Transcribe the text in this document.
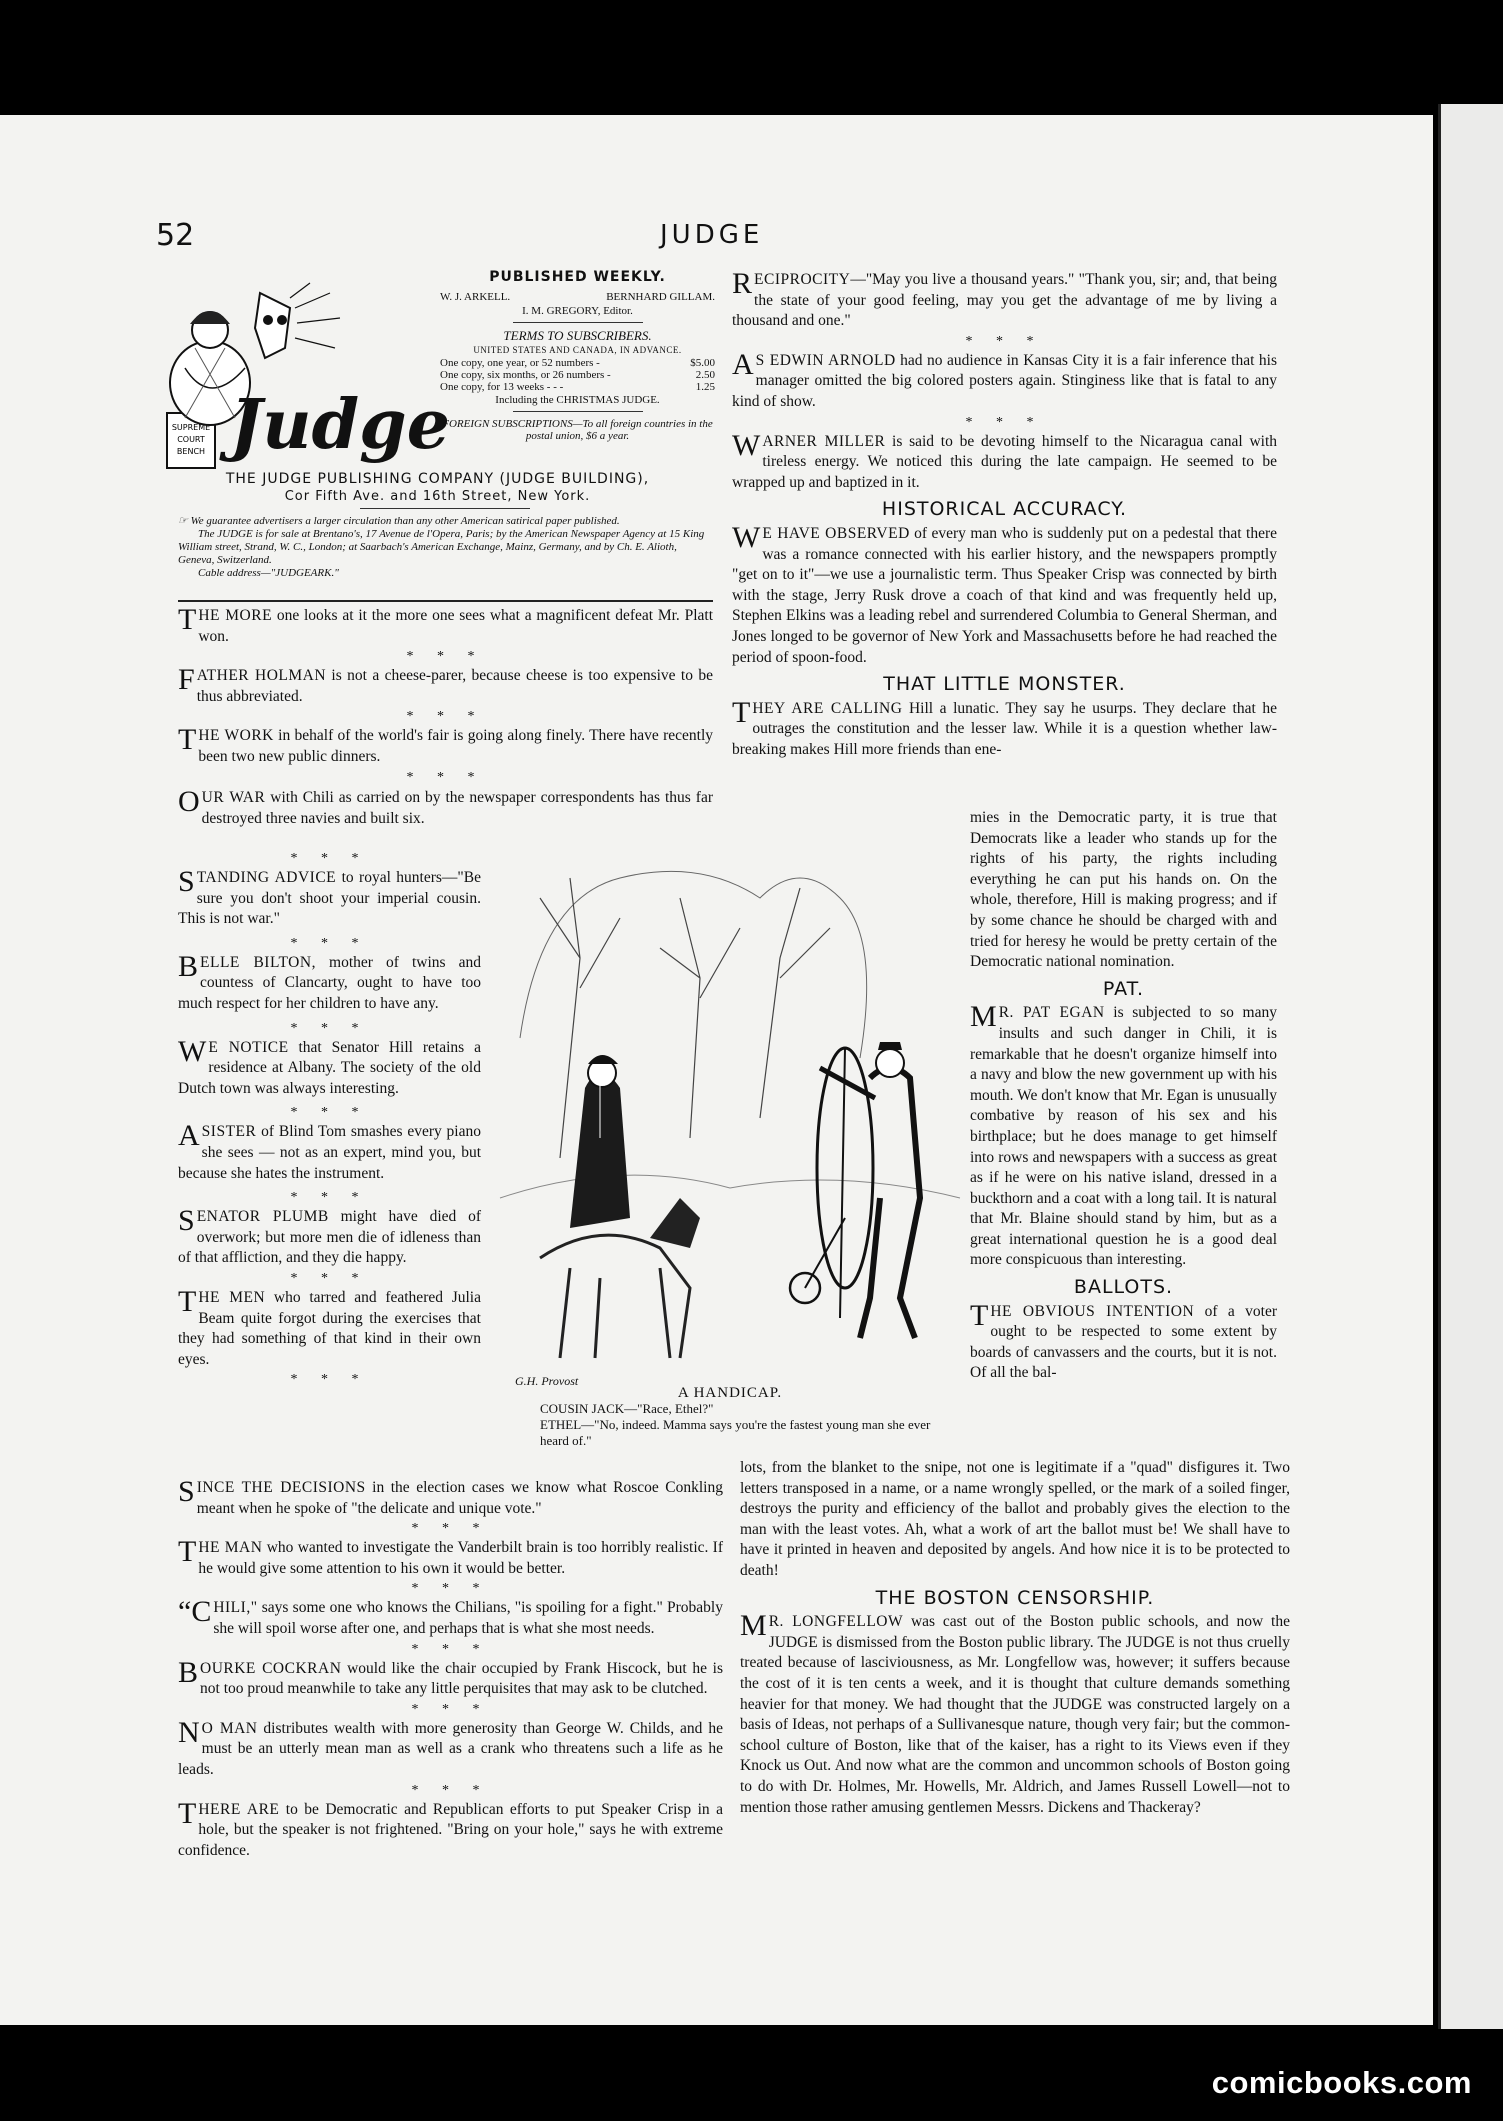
52	JUDGE
SUPREME
COURT
BENCH Judge
PUBLISHED WEEKLY.
W. J. ARKELL.	BERNHARD GILLAM.
I. M. GREGORY, Editor.
TERMS TO SUBSCRIBERS.
UNITED STATES AND CANADA, IN ADVANCE.
One copy, one year, or 52 numbers -	$5.00
One copy, six months, or 26 numbers -	2.50
One copy, for 13 weeks - - -	1.25
Including the CHRISTMAS JUDGE.
FOREIGN SUBSCRIPTIONS—To all foreign countries in the postal union, $6 a year.
THE JUDGE PUBLISHING COMPANY (JUDGE BUILDING),
Cor Fifth Ave. and 16th Street, New York.
☞ We guarantee advertisers a larger circulation than any other American satirical paper published.
The JUDGE is for sale at Brentano's, 17 Avenue de l'Opera, Paris; by the American Newspaper Agency at 15 King William street, Strand, W. C., London; at Saarbach's American Exchange, Mainz, Germany, and by Ch. E. Alioth, Geneva, Switzerland.
Cable address—"JUDGEARK."
THE MORE one looks at it the more one sees what a magnificent defeat Mr. Platt won.
* * *
FATHER HOLMAN is not a cheese-parer, because cheese is too expensive to be thus abbreviated.
* * *
THE WORK in behalf of the world's fair is going along finely. There have recently been two new public dinners.
* * *
OUR WAR with Chili as carried on by the newspaper correspondents has thus far destroyed three navies and built six.
* * *
STANDING ADVICE to royal hunters—"Be sure you don't shoot your imperial cousin. This is not war."
* * *
BELLE BILTON, mother of twins and countess of Clancarty, ought to have too much respect for her children to have any.
* * *
W E NOTICE that Senator Hill retains a residence at Albany. The society of the old Dutch town was always interesting.
* * *
A SISTER of Blind Tom smashes every piano she sees — not as an expert, mind you, but because she hates the instrument.
* * *
SENATOR PLUMB might have died of overwork; but more men die of idleness than of that affliction, and they die happy.
* * *
THE MEN who tarred and feathered Julia Beam quite forgot during the exercises that they had something of that kind in their own eyes.
* * *	G.H. Provost
A HANDICAP.
COUSIN JACK—"Race, Ethel?"
ETHEL—"No, indeed. Mamma says you're the fastest young man she ever heard of."
SINCE THE DECISIONS in the election cases we know what Roscoe Conkling meant when he spoke of "the delicate and unique vote."
* * *
THE MAN who wanted to investigate the Vanderbilt brain is too horribly realistic. If he would give some attention to his own it would be better.
* * *
“CHILI," says some one who knows the Chilians, "is spoiling for a fight." Probably she will spoil worse after one, and perhaps that is what she most needs.
* * *
BOURKE COCKRAN would like the chair occupied by Frank Hiscock, but he is not too proud meanwhile to take any little perquisites that may ask to be clutched.
* * *
N O MAN distributes wealth with more generosity than George W. Childs, and he must be an utterly mean man as well as a crank who threatens such a life as he leads.
* * *
THERE ARE to be Democratic and Republican efforts to put Speaker Crisp in a hole, but the speaker is not frightened. "Bring on your hole," says he with extreme confidence.
RECIPROCITY—"May you live a thousand years." "Thank you, sir; and, that being the state of your good feeling, may you get the advantage of me by living a thousand and one."
* * *
A S EDWIN ARNOLD had no audience in Kansas City it is a fair inference that his manager omitted the big colored posters again. Stinginess like that is fatal to any kind of show.
* * *
WARNER MILLER is said to be devoting himself to the Nicaragua canal with tireless energy. We noticed this during the late campaign. He seemed to be wrapped up and baptized in it.
HISTORICAL ACCURACY.
W E HAVE OBSERVED of every man who is suddenly put on a pedestal that there was a romance connected with his earlier history, and the newspapers promptly "get on to it"—we use a journalistic term. Thus Speaker Crisp was connected by birth with the stage, Jerry Rusk drove a coach of that kind and was frequently held up, Stephen Elkins was a leading rebel and surrendered Columbia to General Sherman, and Jones longed to be governor of New York and Massachusetts before he had reached the period of spoon-food.
THAT LITTLE MONSTER.
THEY ARE CALLING Hill a lunatic. They say he usurps. They declare that he outrages the constitution and the lesser law. While it is a question whether law-breaking makes Hill more friends than ene-
mies in the Democratic party, it is true that Democrats like a leader who stands up for the rights of his party, the rights including everything he can put his hands on. On the whole, therefore, Hill is making progress; and if by some chance he should be charged with and tried for heresy he would be pretty certain of the Democratic national nomination.
PAT.
M R. PAT EGAN is subjected to so many insults and such danger in Chili, it is remarkable that he doesn't organize himself into a navy and blow the new government up with his mouth. We don't know that Mr. Egan is unusually combative by reason of his sex and his birthplace; but he does manage to get himself into rows and newspapers with a success as great as if he were on his native island, dressed in a buckthorn and a coat with a long tail. It is natural that Mr. Blaine should stand by him, but as a great international question he is a good deal more conspicuous than interesting.
BALLOTS.
THE OBVIOUS INTENTION of a voter ought to be respected to some extent by boards of canvassers and the courts, but it is not. Of all the bal-
lots, from the blanket to the snipe, not one is legitimate if a "quad" disfigures it. Two letters transposed in a name, or a name wrongly spelled, or the mark of a soiled finger, destroys the purity and efficiency of the ballot and probably gives the election to the man with the least votes. Ah, what a work of art the ballot must be! We shall have to have it printed in heaven and deposited by angels. And how nice it is to be protected to death!
THE BOSTON CENSORSHIP.
M R. LONGFELLOW was cast out of the Boston public schools, and now the JUDGE is dismissed from the Boston public library. The JUDGE is not thus cruelly treated because of lasciviousness, as Mr. Longfellow was, however; it suffers because the cost of it is ten cents a week, and it is thought that culture demands something heavier for that money. We had thought that the JUDGE was constructed largely on a basis of Ideas, not perhaps of a Sullivanesque nature, though very fair; but the common-school culture of Boston, like that of the kaiser, has a right to its Views even if they Knock us Out. And now what are the common and uncommon schools of Boston going to do with Dr. Holmes, Mr. Howells, Mr. Aldrich, and James Russell Lowell—not to mention those rather amusing gentlemen Messrs. Dickens and Thackeray?
comicbooks.com
